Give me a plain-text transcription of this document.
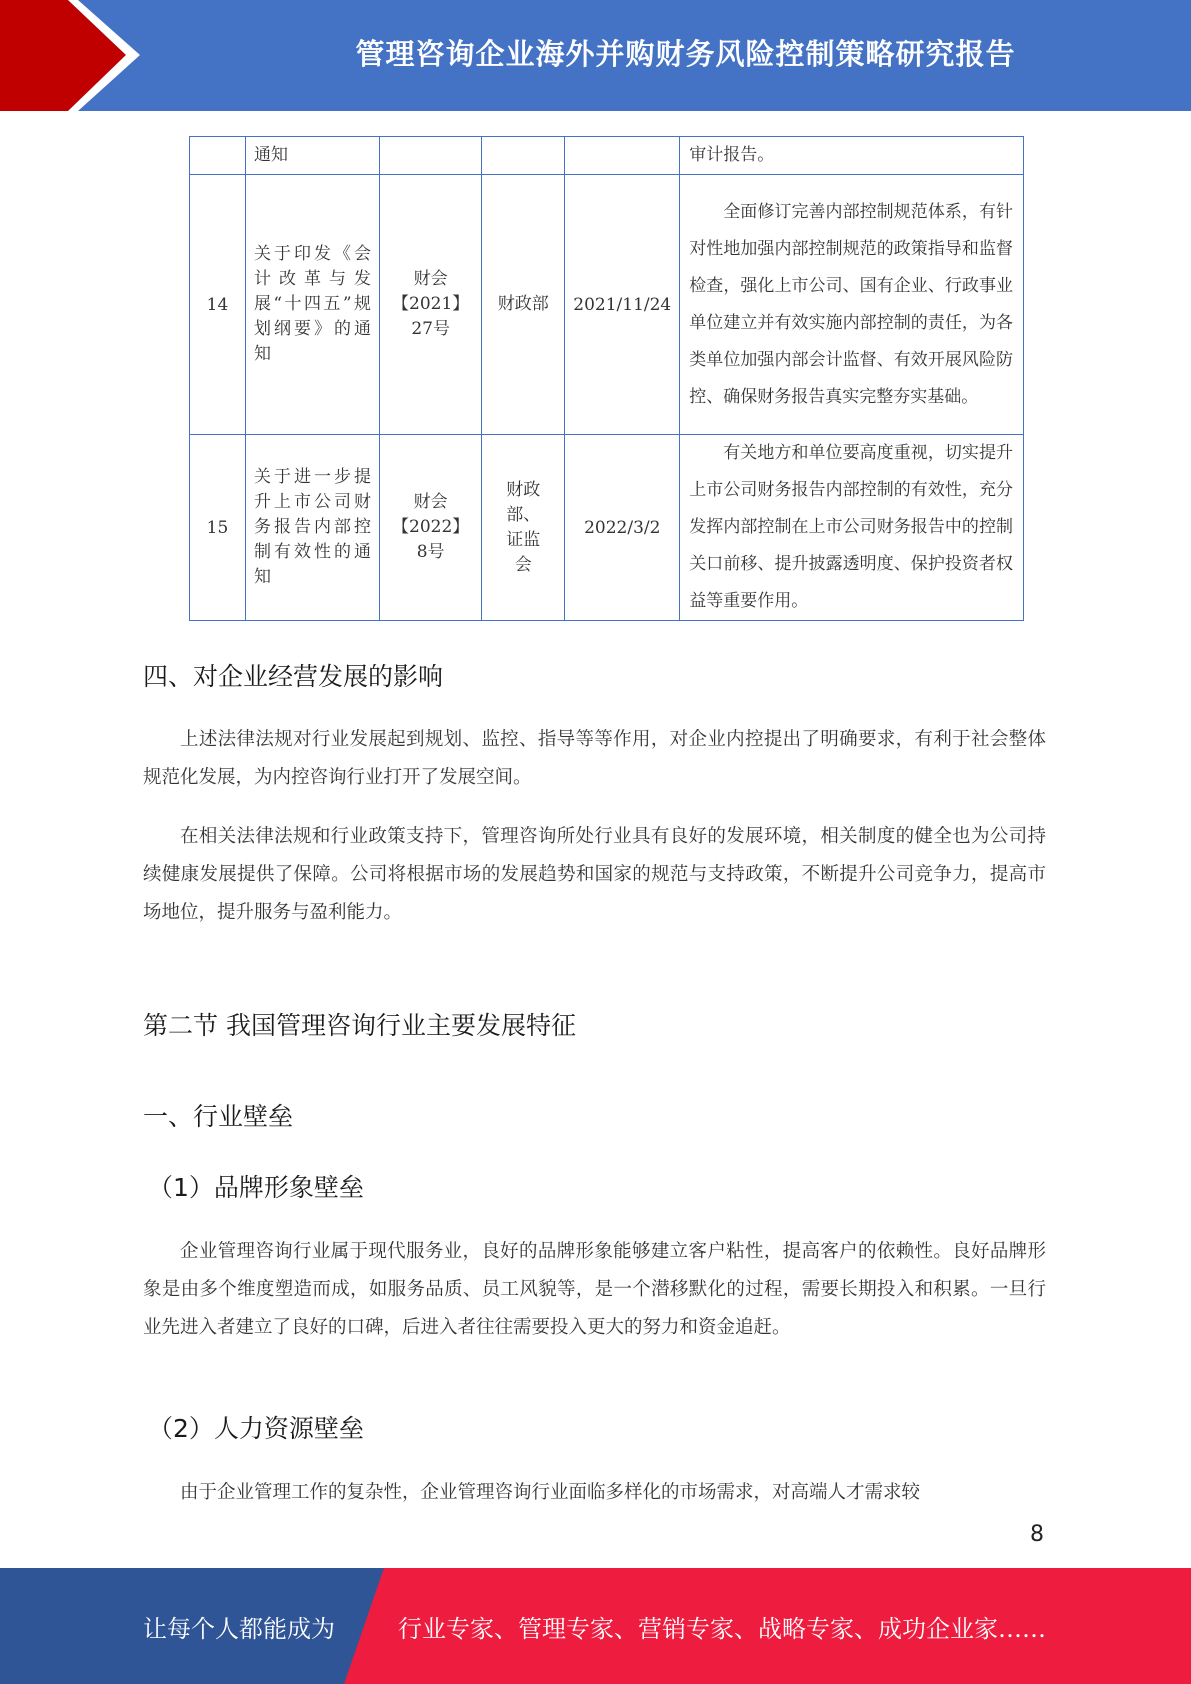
管理咨询企业海外并购财务风险控制策略研究报告
	通知				审计报告。
14	关于印发《会计改革与发展“十四五”规划纲要》的通知	财会【2021】27号	财政部	2021/11/24	全面修订完善内部控制规范体系，有针对性地加强内部控制规范的政策指导和监督检查，强化上市公司、国有企业、行政事业单位建立并有效实施内部控制的责任，为各类单位加强内部会计监督、有效开展风险防控、确保财务报告真实完整夯实基础。

15	关于进一步提升上市公司财务报告内部控制有效性的通知	财会【2022】8号	财政部、证监会	2022/3/2	有关地方和单位要高度重视，切实提升上市公司财务报告内部控制的有效性，充分发挥内部控制在上市公司财务报告中的控制关口前移、提升披露透明度、保护投资者权益等重要作用。
四、对企业经营发展的影响
上述法律法规对行业发展起到规划、监控、指导等等作用，对企业内控提出了明确要求，有利于社会整体规范化发展，为内控咨询行业打开了发展空间。
在相关法律法规和行业政策支持下，管理咨询所处行业具有良好的发展环境，相关制度的健全也为公司持续健康发展提供了保障。公司将根据市场的发展趋势和国家的规范与支持政策，不断提升公司竞争力，提高市场地位，提升服务与盈利能力。
第二节 我国管理咨询行业主要发展特征
一、行业壁垒
（1）品牌形象壁垒
企业管理咨询行业属于现代服务业，良好的品牌形象能够建立客户粘性，提高客户的依赖性。良好品牌形象是由多个维度塑造而成，如服务品质、员工风貌等，是一个潜移默化的过程，需要长期投入和积累。一旦行业先进入者建立了良好的口碑，后进入者往往需要投入更大的努力和资金追赶。
（2）人力资源壁垒
由于企业管理工作的复杂性，企业管理咨询行业面临多样化的市场需求，对高端人才需求较
8
让每个人都能成为	行业专家、管理专家、营销专家、战略专家、成功企业家……
